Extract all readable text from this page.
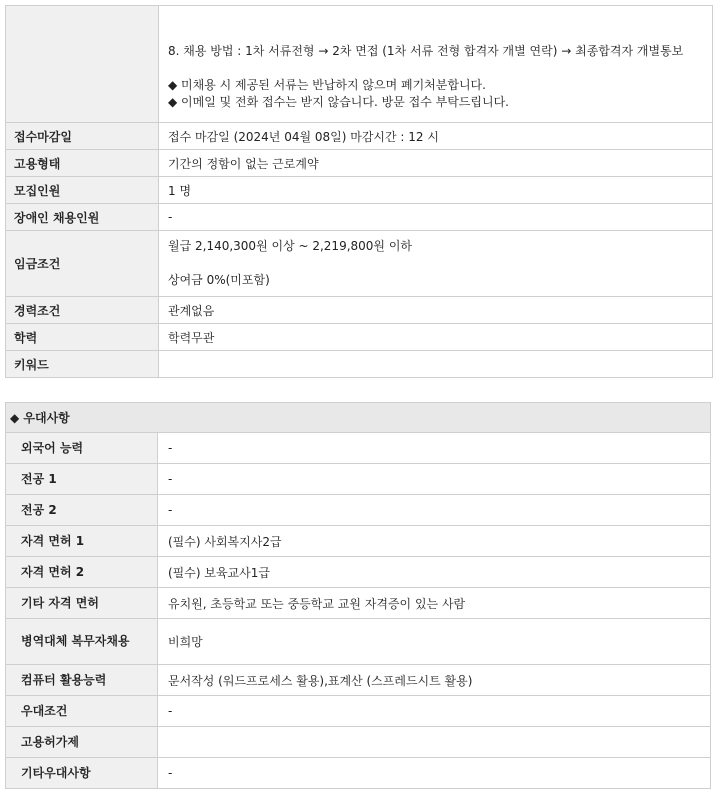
	8. 채용 방법 : 1차 서류전형 → 2차 면접 (1차 서류 전형 합격자 개별 연락) → 최종합격자 개별통보
◆ 미채용 시 제공된 서류는 반납하지 않으며 폐기처분합니다.
◆ 이메일 및 전화 접수는 받지 않습니다. 방문 접수 부탁드립니다.

접수마감일	접수 마감일 (2024년 04월 08일) 마감시간 : 12 시
고용형태	기간의 정함이 없는 근로계약
모집인원	1 명
장애인 채용인원	-
임금조건	월급 2,140,300원 이상 ~ 2,219,800원 이하
상여금 0%(미포함)

경력조건	관계없음
학력	학력무관
키워드	
◆ 우대사항	
외국어 능력	-
전공 1	-
전공 2	-
자격 면허 1	(필수) 사회복지사2급
자격 면허 2	(필수) 보육교사1급
기타 자격 면허	유치원, 초등학교 또는 중등학교 교원 자격증이 있는 사람
병역대체 복무자채용	비희망
컴퓨터 활용능력	문서작성 (워드프로세스 활용),표계산 (스프레드시트 활용)
우대조건	-
고용허가제	
기타우대사항	-
